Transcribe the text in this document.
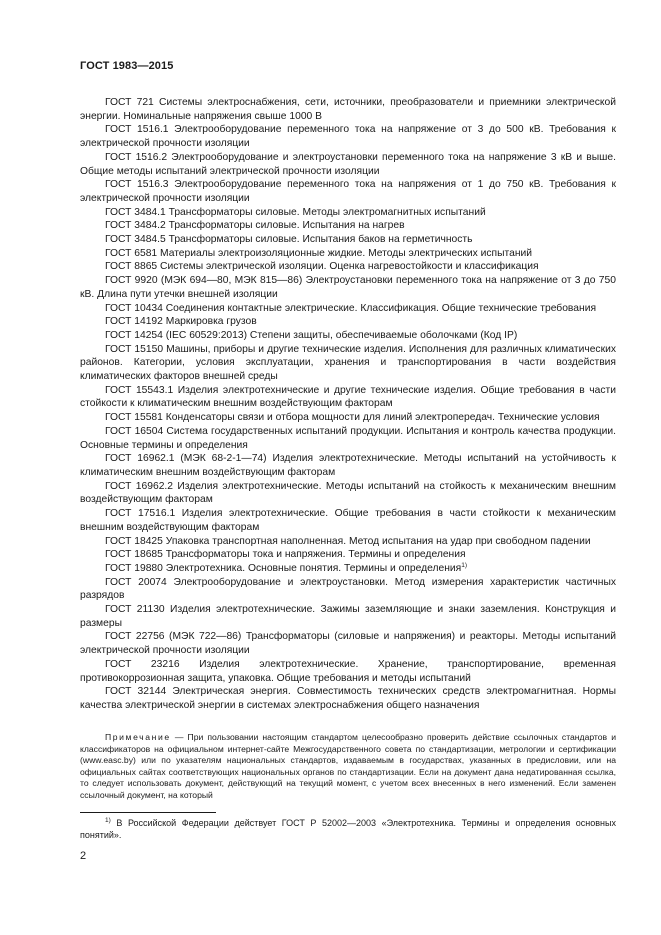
ГОСТ 1983—2015

ГОСТ 721 Системы электроснабжения, сети, источники, преобразователи и приемники электрической энергии. Номинальные напряжения свыше 1000 В

ГОСТ 1516.1 Электрооборудование переменного тока на напряжение от 3 до 500 кВ. Требования к электрической прочности изоляции

ГОСТ 1516.2 Электрооборудование и электроустановки переменного тока на напряжение 3 кВ и выше. Общие методы испытаний электрической прочности изоляции

ГОСТ 1516.3 Электрооборудование переменного тока на напряжения от 1 до 750 кВ. Требования к электрической прочности изоляции

ГОСТ 3484.1 Трансформаторы силовые. Методы электромагнитных испытаний

ГОСТ 3484.2 Трансформаторы силовые. Испытания на нагрев

ГОСТ 3484.5 Трансформаторы силовые. Испытания баков на герметичность

ГОСТ 6581 Материалы электроизоляционные жидкие. Методы электрических испытаний

ГОСТ 8865 Системы электрической изоляции. Оценка нагревостойкости и классификация

ГОСТ 9920 (МЭК 694—80, МЭК 815—86) Электроустановки переменного тока на напряжение от 3 до 750 кВ. Длина пути утечки внешней изоляции

ГОСТ 10434 Соединения контактные электрические. Классификация. Общие технические требования

ГОСТ 14192 Маркировка грузов

ГОСТ 14254 (IEC 60529:2013) Степени защиты, обеспечиваемые оболочками (Код IP)

ГОСТ 15150 Машины, приборы и другие технические изделия. Исполнения для различных климатических районов. Категории, условия эксплуатации, хранения и транспортирования в части воздействия климатических факторов внешней среды

ГОСТ 15543.1 Изделия электротехнические и другие технические изделия. Общие требования в части стойкости к климатическим внешним воздействующим факторам

ГОСТ 15581 Конденсаторы связи и отбора мощности для линий электропередач. Технические условия

ГОСТ 16504 Система государственных испытаний продукции. Испытания и контроль качества продукции. Основные термины и определения

ГОСТ 16962.1 (МЭК 68-2-1—74) Изделия электротехнические. Методы испытаний на устойчивость к климатическим внешним воздействующим факторам

ГОСТ 16962.2 Изделия электротехнические. Методы испытаний на стойкость к механическим внешним воздействующим факторам

ГОСТ 17516.1 Изделия электротехнические. Общие требования в части стойкости к механическим внешним воздействующим факторам

ГОСТ 18425 Упаковка транспортная наполненная. Метод испытания на удар при свободном падении

ГОСТ 18685 Трансформаторы тока и напряжения. Термины и определения

ГОСТ 19880 Электротехника. Основные понятия. Термины и определения$^{1)}$

ГОСТ 20074 Электрооборудование и электроустановки. Метод измерения характеристик частичных разрядов

ГОСТ 21130 Изделия электротехнические. Зажимы заземляющие и знаки заземления. Конструкция и размеры

ГОСТ 22756 (МЭК 722—86) Трансформаторы (силовые и напряжения) и реакторы. Методы испытаний электрической прочности изоляции

ГОСТ 23216 Изделия электротехнические. Хранение, транспортирование, временная противокоррозионная защита, упаковка. Общие требования и методы испытаний

ГОСТ 32144 Электрическая энергия. Совместимость технических средств электромагнитная. Нормы качества электрической энергии в системах электроснабжения общего назначения

Примечание — При пользовании настоящим стандартом целесообразно проверить действие ссылочных стандартов и классификаторов на официальном интернет-сайте Межгосударственного совета по стандартизации, метрологии и сертификации (www.easc.by) или по указателям национальных стандартов, издаваемым в государствах, указанных в предисловии, или на официальных сайтах соответствующих национальных органов по стандартизации. Если на документ дана недатированная ссылка, то следует использовать документ, действующий на текущий момент, с учетом всех внесенных в него изменений. Если заменен ссылочный документ, на который

$^{1)}$ В Российской Федерации действует ГОСТ Р 52002—2003 «Электротехника. Термины и определения основных понятий».

2
